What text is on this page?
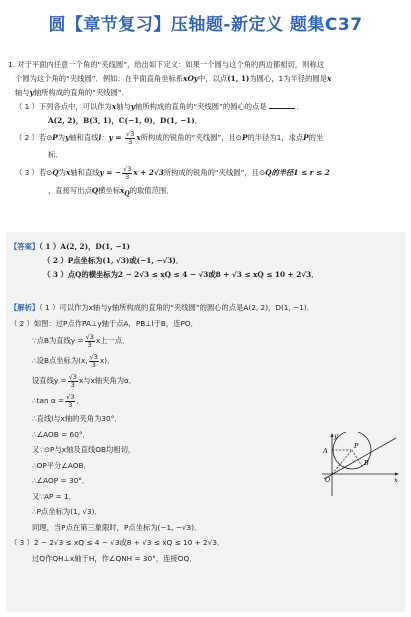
圆【章节复习】压轴题-新定义 题集C37

1. 对于平面内任意一个角的“夹线圆”，给出如下定义：如果一个圆与这个角的两边都相切，则称这

个圆为这个角的“夹线圆”．例如：在平面直角坐标系xOy中，以点(1, 1)为圆心，1为半径的圆是x

轴与y轴所构成的直角的“夹线圆”．

（ 1 ）下列各点中，可以作为x轴与y轴所构成的直角的“夹线圆”的圆心的点是	．

A(2, 2)，B(3, 1)，C(−1, 0)，D(1, −1)．

（ 2 ）若⊙P为y轴和直线l：$y = \frac{√3}{3}$ x所构成的锐角的“夹线圆”，且⊙P的半径为1，求点P的坐

标．

（ 3 ）若⊙Q为x轴和直线y = − $\frac{√3}{3}$ x + 2√3所构成的锐角的“夹线圆”，且⊙Q的半径1 ≤ r ≤ 2

，直接写出点Q横坐标$x_Q$的取值范围．

【答案】（ 1 ）A(2, 2)，D(1, −1)

（ 2 ）P点坐标为(1, √3)或(−1, −√3)．

（ 3 ）点Q的横坐标为2 − 2√3 ≤ xQ ≤ 4 − √3或8 + √3 ≤ xQ ≤ 10 + 2√3．

【解析】（ 1 ）可以作为x轴与y轴所构成的直角的“夹线圆”的圆心的点是A(2, 2)，D(1, −1)．

（ 2 ）如图：过P点作PA⊥y轴于点A，PB⊥l于B，连PO．

∵点B为直线$y = \frac{√3}{3}$ x上一点．

∴设B点坐标为(x, $\frac{√3}{3} x$)．

设直线$y = \frac{√3}{3}$ x与x轴夹角为α．

∴tan $\alpha = \frac{√3}{3}$ ．

∴直线l与x轴的夹角为30°．

∴∠AOB = 60°．

又∵⊙P与x轴及直线OB均相切，

∴OP平分∠AOB．

∴∠AOP = 30°．

又∵AP = 1．

∴P点坐标为(1, √3)．

同理，当P点在第三象限时，P点坐标为(−1, −√3)．

（ 3 ）2 − 2√3 ≤ xQ ≤ 4 − √3或8 + √3 ≤ xQ ≤ 10 + 2√3．

过Q作QH⊥x轴于H，作∠QNH = 30°，连接OQ．

y
x
O
A
P
B
